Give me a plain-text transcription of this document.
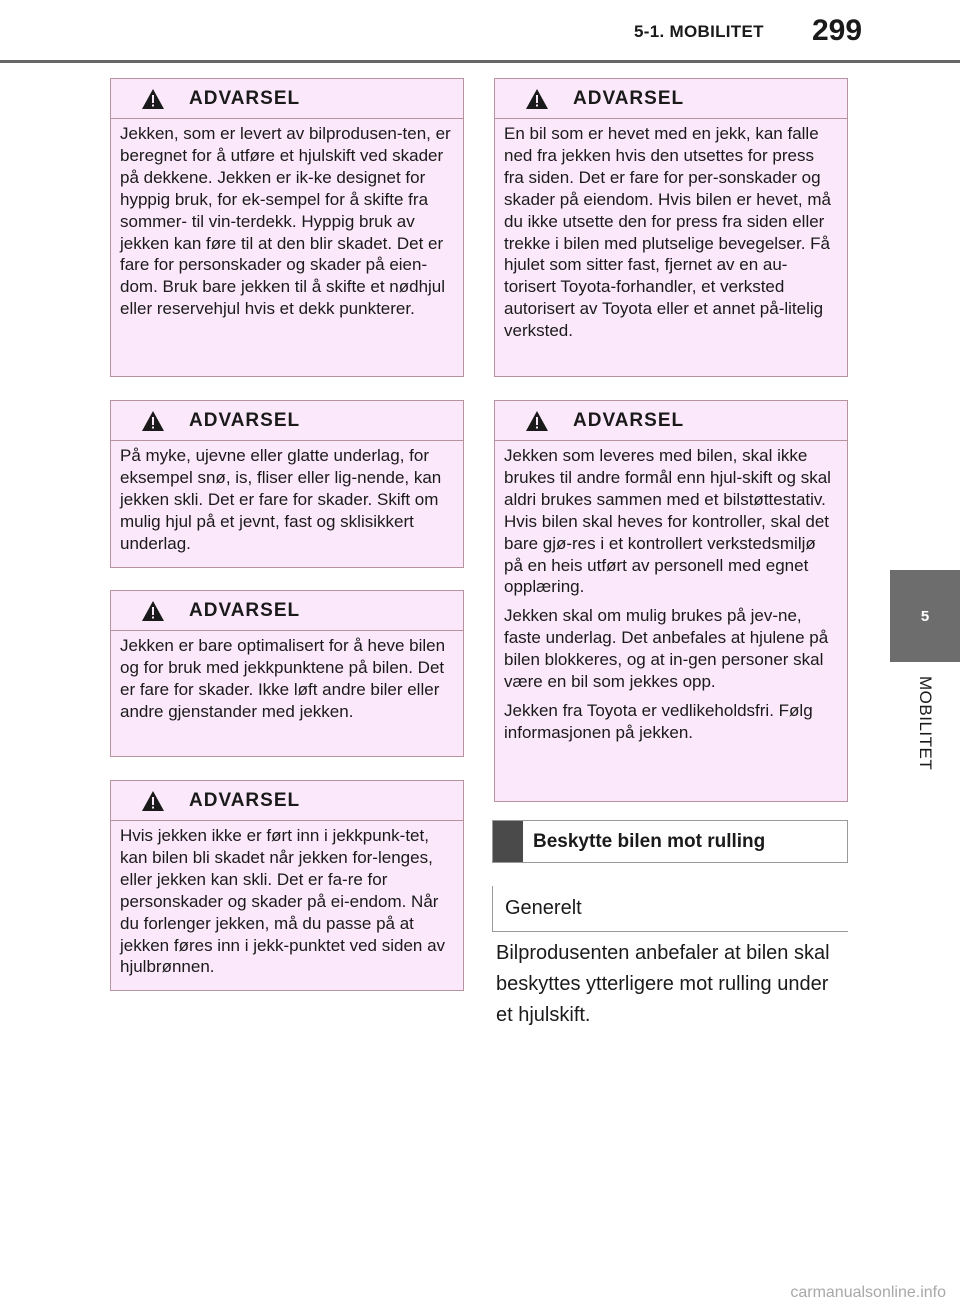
5-1. MOBILITET 299
5
MOBILITET
ADVARSEL

Jekken, som er levert av bilprodusen-ten, er beregnet for å utføre et hjulskift ved skader på dekkene. Jekken er ik-ke designet for hyppig bruk, for ek-sempel for å skifte fra sommer- til vin-terdekk. Hyppig bruk av jekken kan føre til at den blir skadet. Det er fare for personskader og skader på eien-dom. Bruk bare jekken til å skifte et nødhjul eller reservehjul hvis et dekk punkterer.

ADVARSEL

På myke, ujevne eller glatte underlag, for eksempel snø, is, fliser eller lig-nende, kan jekken skli. Det er fare for skader. Skift om mulig hjul på et jevnt, fast og sklisikkert underlag.

ADVARSEL

Jekken er bare optimalisert for å heve bilen og for bruk med jekkpunktene på bilen. Det er fare for skader. Ikke løft andre biler eller andre gjenstander med jekken.

ADVARSEL

Hvis jekken ikke er ført inn i jekkpunk-tet, kan bilen bli skadet når jekken for-lenges, eller jekken kan skli. Det er fa-re for personskader og skader på ei-endom. Når du forlenger jekken, må du passe på at jekken føres inn i jekk-punktet ved siden av hjulbrønnen.

ADVARSEL

En bil som er hevet med en jekk, kan falle ned fra jekken hvis den utsettes for press fra siden. Det er fare for per-sonskader og skader på eiendom. Hvis bilen er hevet, må du ikke utsette den for press fra siden eller trekke i bilen med plutselige bevegelser. Få hjulet som sitter fast, fjernet av en au-torisert Toyota-forhandler, et verksted autorisert av Toyota eller et annet på-litelig verksted.

ADVARSEL

Jekken som leveres med bilen, skal ikke brukes til andre formål enn hjul-skift og skal aldri brukes sammen med et bilstøttestativ. Hvis bilen skal heves for kontroller, skal det bare gjø-res i et kontrollert verkstedsmiljø på en heis utført av personell med egnet opplæring.

Jekken skal om mulig brukes på jev-ne, faste underlag. Det anbefales at hjulene på bilen blokkeres, og at in-gen personer skal være en bil som jekkes opp.

Jekken fra Toyota er vedlikeholdsfri. Følg informasjonen på jekken.

Beskytte bilen mot rulling
Generelt
Bilprodusenten anbefaler at bilen skal beskyttes ytterligere mot rulling under et hjulskift.
carmanualsonline.info
